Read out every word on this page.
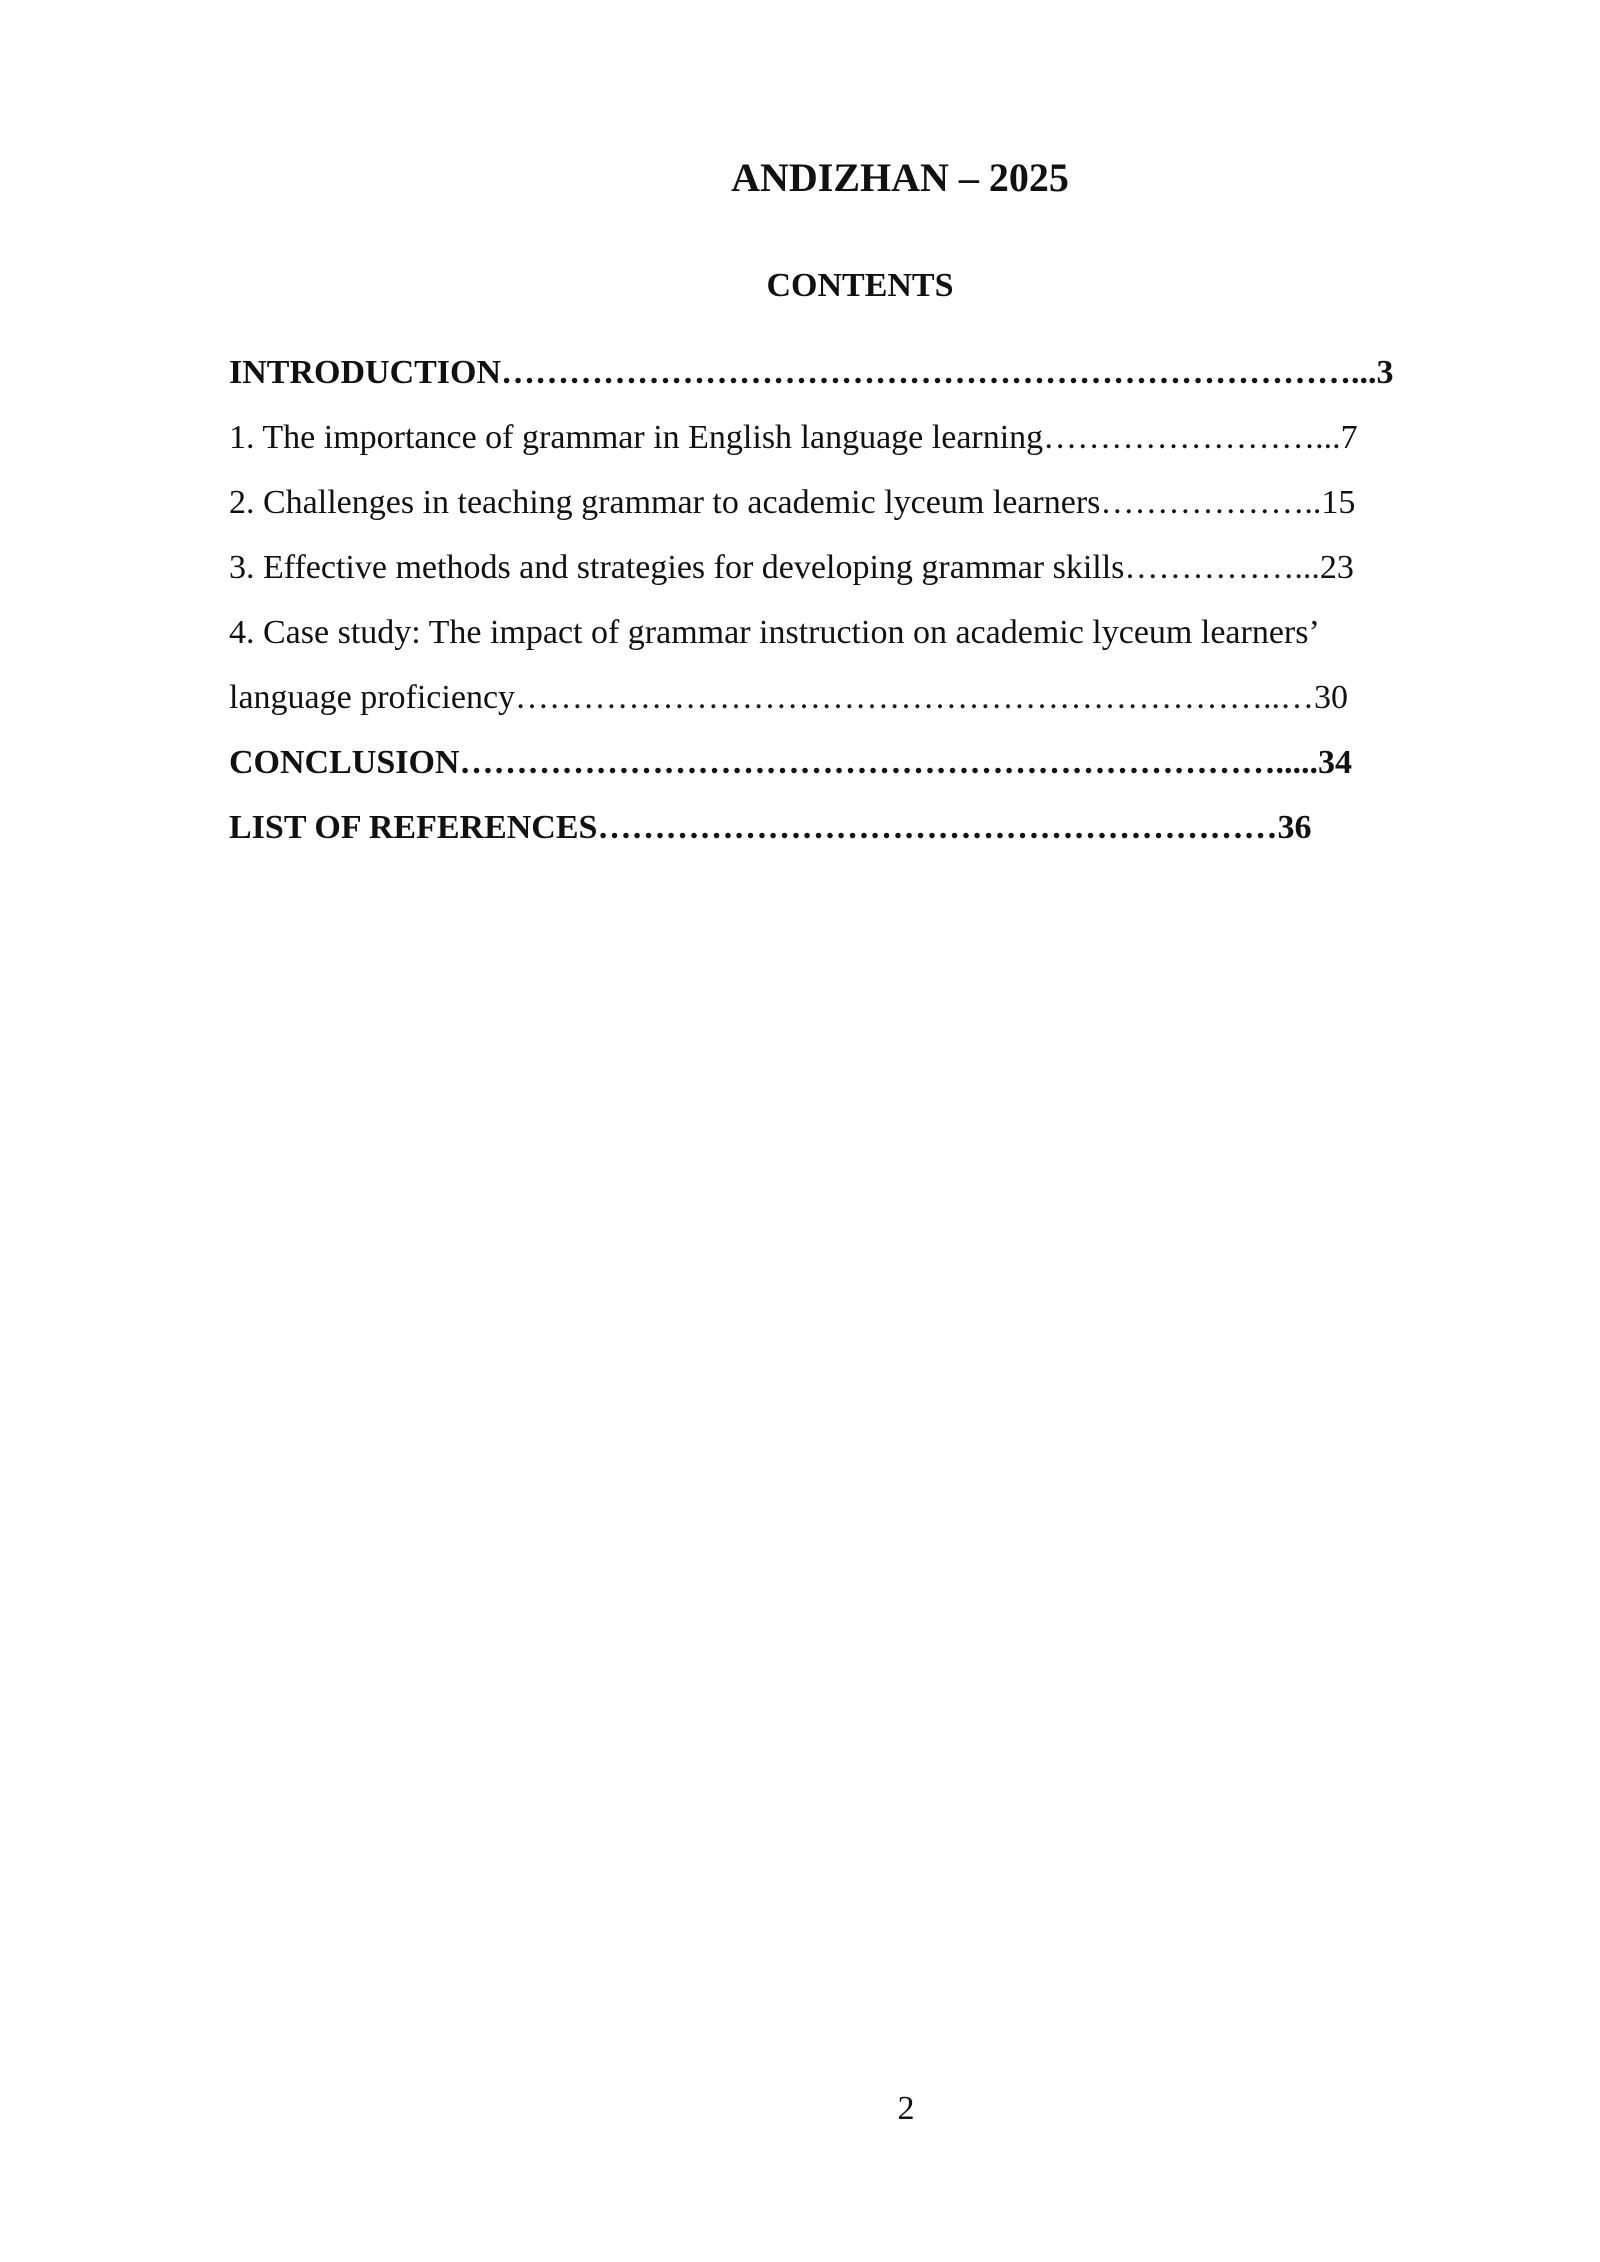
ANDIZHAN – 2025
CONTENTS
INTRODUCTION…………………………………………………………………...3
1. The importance of grammar in English language learning……………………...7
2. Challenges in teaching grammar to academic lyceum learners………………..15
3. Effective methods and strategies for developing grammar skills……………...23
4. Case study: The impact of grammar instruction on academic lyceum learners’
language proficiency…………………………………………………………..…30
CONCLUSION……………………………………………………………….....34
LIST OF REFERENCES……………………………………………………36
2
